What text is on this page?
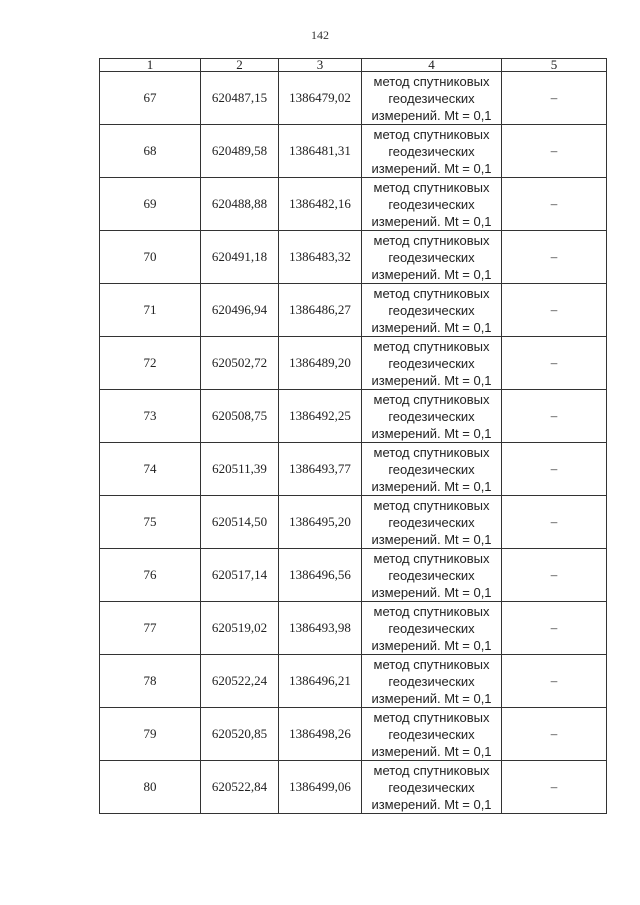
142
1	2	3	4	5
67	620487,15	1386479,02	метод спутниковых
геодезических
измерений. Mt = 0,1	–
68	620489,58	1386481,31	метод спутниковых
геодезических
измерений. Mt = 0,1	–
69	620488,88	1386482,16	метод спутниковых
геодезических
измерений. Mt = 0,1	–
70	620491,18	1386483,32	метод спутниковых
геодезических
измерений. Mt = 0,1	–
71	620496,94	1386486,27	метод спутниковых
геодезических
измерений. Mt = 0,1	–
72	620502,72	1386489,20	метод спутниковых
геодезических
измерений. Mt = 0,1	–
73	620508,75	1386492,25	метод спутниковых
геодезических
измерений. Mt = 0,1	–
74	620511,39	1386493,77	метод спутниковых
геодезических
измерений. Mt = 0,1	–
75	620514,50	1386495,20	метод спутниковых
геодезических
измерений. Mt = 0,1	–
76	620517,14	1386496,56	метод спутниковых
геодезических
измерений. Mt = 0,1	–
77	620519,02	1386493,98	метод спутниковых
геодезических
измерений. Mt = 0,1	–
78	620522,24	1386496,21	метод спутниковых
геодезических
измерений. Mt = 0,1	–
79	620520,85	1386498,26	метод спутниковых
геодезических
измерений. Mt = 0,1	–
80	620522,84	1386499,06	метод спутниковых
геодезических
измерений. Mt = 0,1	–
